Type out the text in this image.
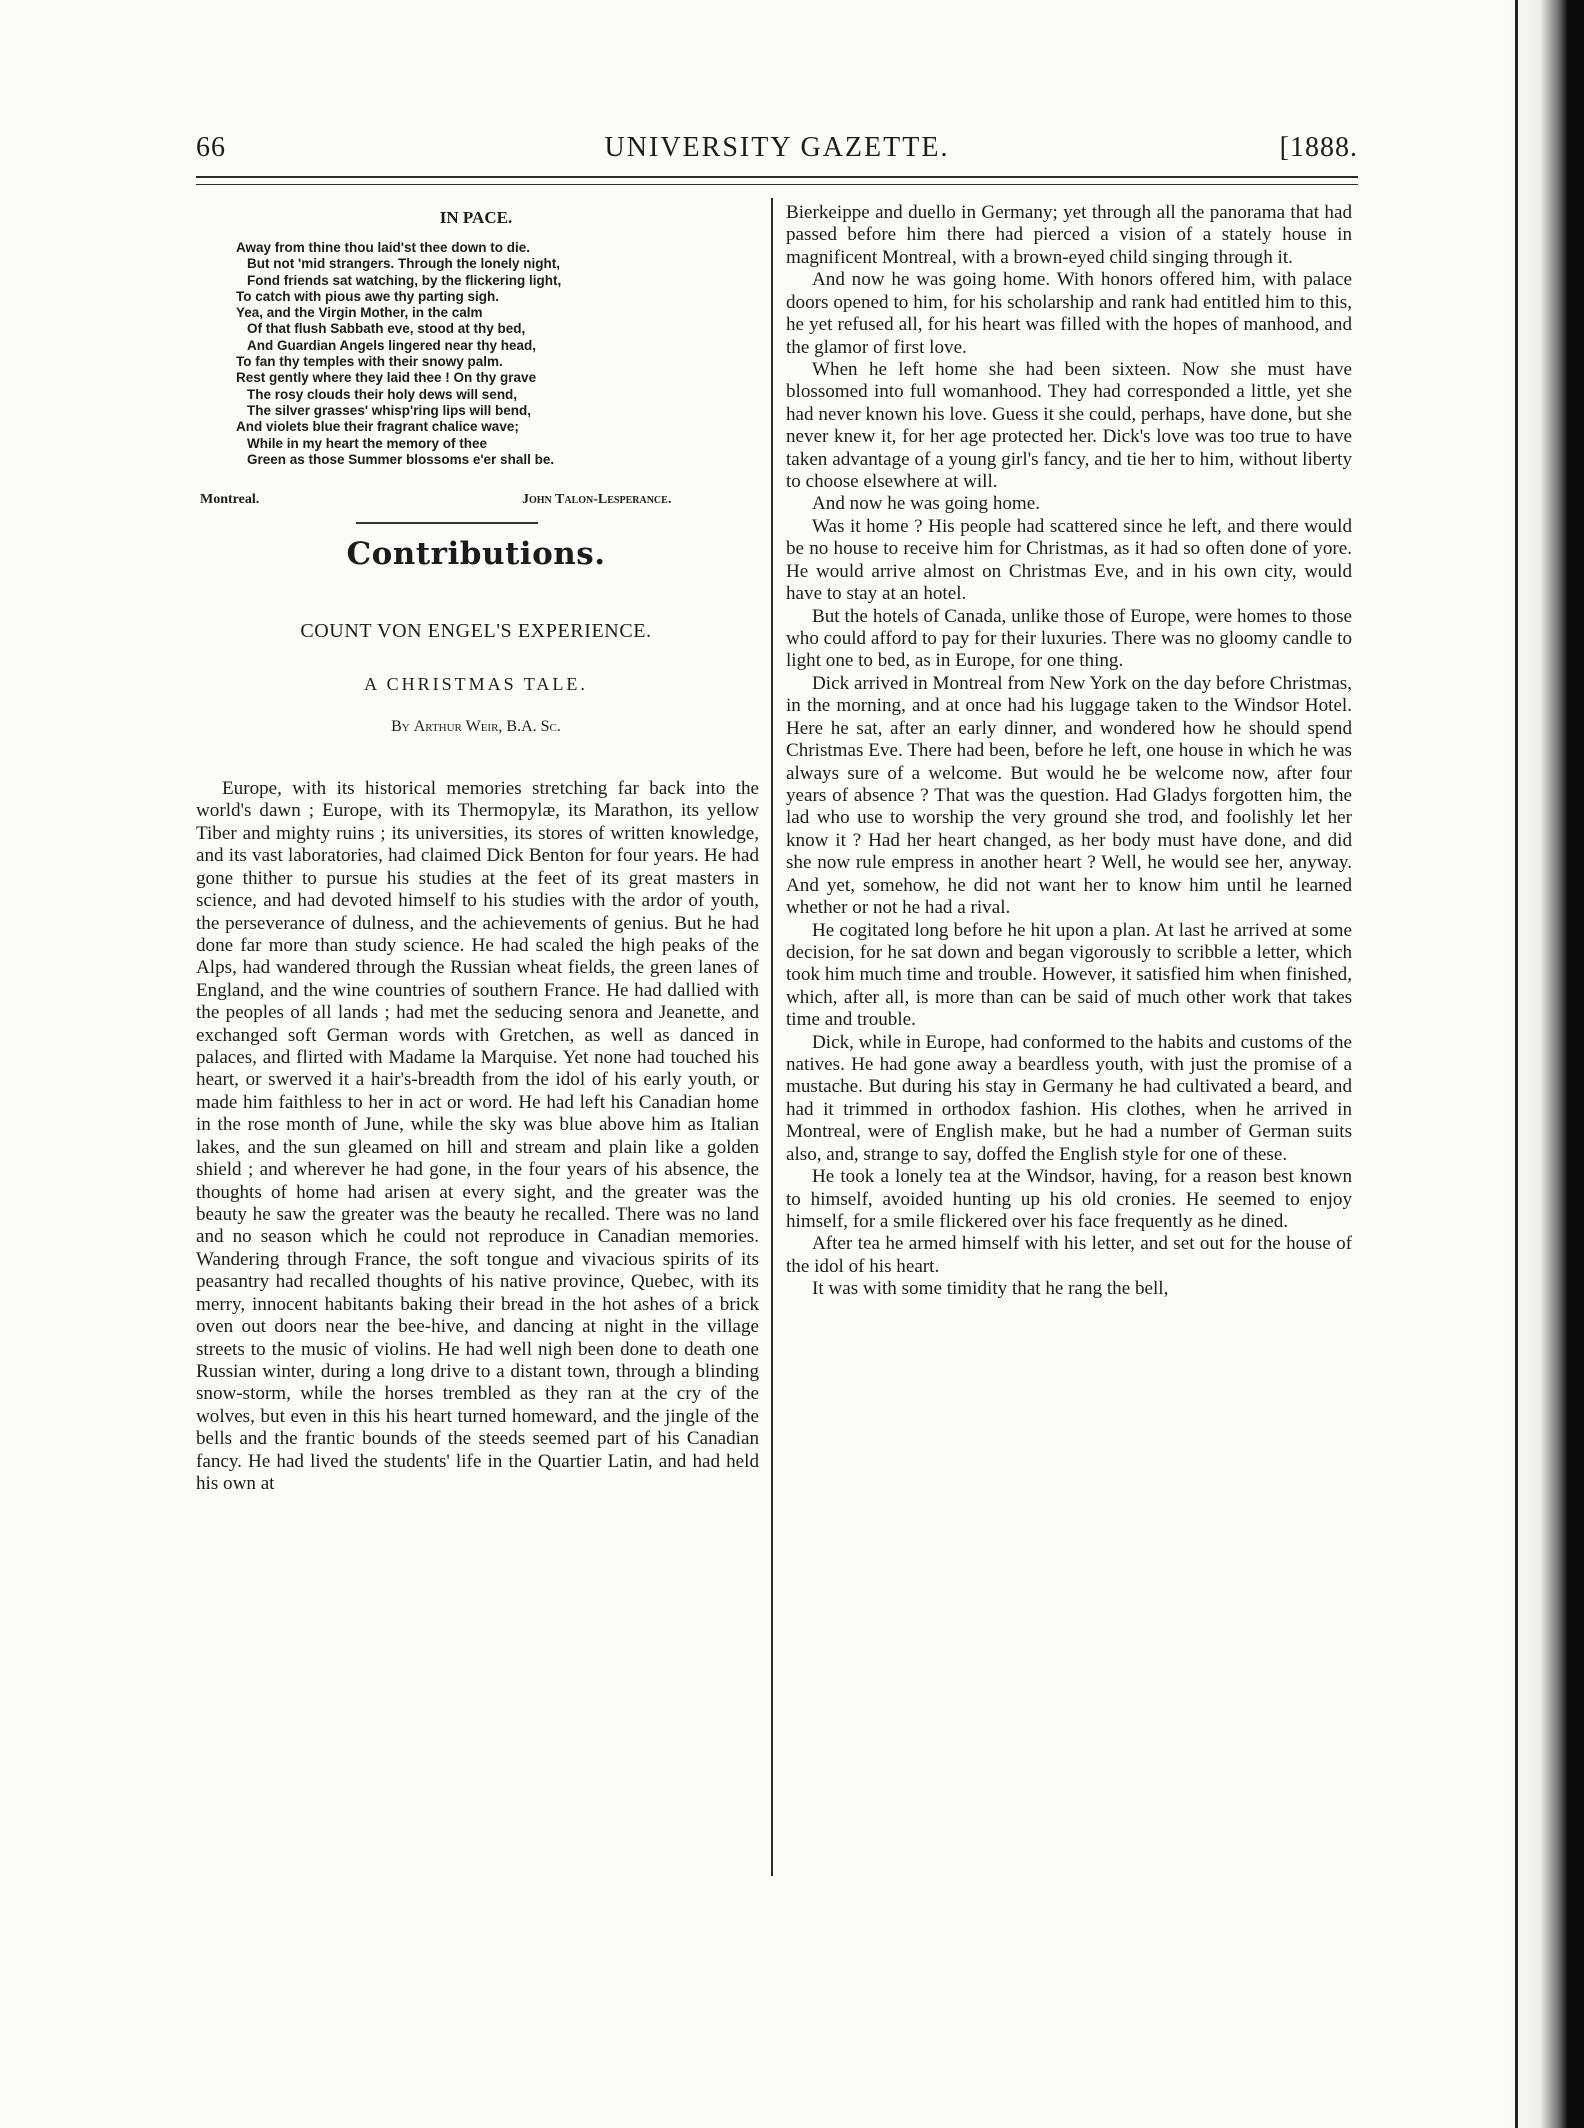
66	UNIVERSITY GAZETTE.	[1888.
IN PACE.
Away from thine thou laid'st thee down to die.
But not 'mid strangers. Through the lonely night,
Fond friends sat watching, by the flickering light,
To catch with pious awe thy parting sigh.
Yea, and the Virgin Mother, in the calm
Of that flush Sabbath eve, stood at thy bed,
And Guardian Angels lingered near thy head,
To fan thy temples with their snowy palm.
Rest gently where they laid thee ! On thy grave
The rosy clouds their holy dews will send,
The silver grasses' whisp'ring lips will bend,
And violets blue their fragrant chalice wave;
While in my heart the memory of thee
Green as those Summer blossoms e'er shall be.
Montreal.	John Talon-Lesperance.
Contributions.
COUNT VON ENGEL'S EXPERIENCE.
A CHRISTMAS TALE.
By Arthur Weir, B.A. Sc.

Europe, with its historical memories stretching far back into the world's dawn ; Europe, with its Thermopylæ, its Marathon, its yellow Tiber and mighty ruins ; its universities, its stores of written knowledge, and its vast laboratories, had claimed Dick Benton for four years. He had gone thither to pursue his studies at the feet of its great masters in science, and had devoted himself to his studies with the ardor of youth, the perseverance of dulness, and the achievements of genius. But he had done far more than study science. He had scaled the high peaks of the Alps, had wandered through the Russian wheat fields, the green lanes of England, and the wine countries of southern France. He had dallied with the peoples of all lands ; had met the seducing senora and Jeanette, and exchanged soft German words with Gretchen, as well as danced in palaces, and flirted with Madame la Marquise. Yet none had touched his heart, or swerved it a hair's-breadth from the idol of his early youth, or made him faithless to her in act or word. He had left his Canadian home in the rose month of June, while the sky was blue above him as Italian lakes, and the sun gleamed on hill and stream and plain like a golden shield ; and wherever he had gone, in the four years of his absence, the thoughts of home had arisen at every sight, and the greater was the beauty he saw the greater was the beauty he recalled. There was no land and no season which he could not reproduce in Canadian memories. Wandering through France, the soft tongue and vivacious spirits of its peasantry had recalled thoughts of his native province, Quebec, with its merry, innocent habitants baking their bread in the hot ashes of a brick oven out doors near the bee-hive, and dancing at night in the village streets to the music of violins. He had well nigh been done to death one Russian winter, during a long drive to a distant town, through a blinding snow-storm, while the horses trembled as they ran at the cry of the wolves, but even in this his heart turned homeward, and the jingle of the bells and the frantic bounds of the steeds seemed part of his Canadian fancy. He had lived the students' life in the Quartier Latin, and had held his own at

Bierkeippe and duello in Germany; yet through all the panorama that had passed before him there had pierced a vision of a stately house in magnificent Montreal, with a brown-eyed child singing through it.

And now he was going home. With honors offered him, with palace doors opened to him, for his scholarship and rank had entitled him to this, he yet refused all, for his heart was filled with the hopes of manhood, and the glamor of first love.

When he left home she had been sixteen. Now she must have blossomed into full womanhood. They had corresponded a little, yet she had never known his love. Guess it she could, perhaps, have done, but she never knew it, for her age protected her. Dick's love was too true to have taken advantage of a young girl's fancy, and tie her to him, without liberty to choose elsewhere at will.

And now he was going home.

Was it home ? His people had scattered since he left, and there would be no house to receive him for Christmas, as it had so often done of yore. He would arrive almost on Christmas Eve, and in his own city, would have to stay at an hotel.

But the hotels of Canada, unlike those of Europe, were homes to those who could afford to pay for their luxuries. There was no gloomy candle to light one to bed, as in Europe, for one thing.

Dick arrived in Montreal from New York on the day before Christmas, in the morning, and at once had his luggage taken to the Windsor Hotel. Here he sat, after an early dinner, and wondered how he should spend Christmas Eve. There had been, before he left, one house in which he was always sure of a welcome. But would he be welcome now, after four years of absence ? That was the question. Had Gladys forgotten him, the lad who use to worship the very ground she trod, and foolishly let her know it ? Had her heart changed, as her body must have done, and did she now rule empress in another heart ? Well, he would see her, anyway. And yet, somehow, he did not want her to know him until he learned whether or not he had a rival.

He cogitated long before he hit upon a plan. At last he arrived at some decision, for he sat down and began vigorously to scribble a letter, which took him much time and trouble. However, it satisfied him when finished, which, after all, is more than can be said of much other work that takes time and trouble.

Dick, while in Europe, had conformed to the habits and customs of the natives. He had gone away a beardless youth, with just the promise of a mustache. But during his stay in Germany he had cultivated a beard, and had it trimmed in orthodox fashion. His clothes, when he arrived in Montreal, were of English make, but he had a number of German suits also, and, strange to say, doffed the English style for one of these.

He took a lonely tea at the Windsor, having, for a reason best known to himself, avoided hunting up his old cronies. He seemed to enjoy himself, for a smile flickered over his face frequently as he dined.

After tea he armed himself with his letter, and set out for the house of the idol of his heart.

It was with some timidity that he rang the bell,
